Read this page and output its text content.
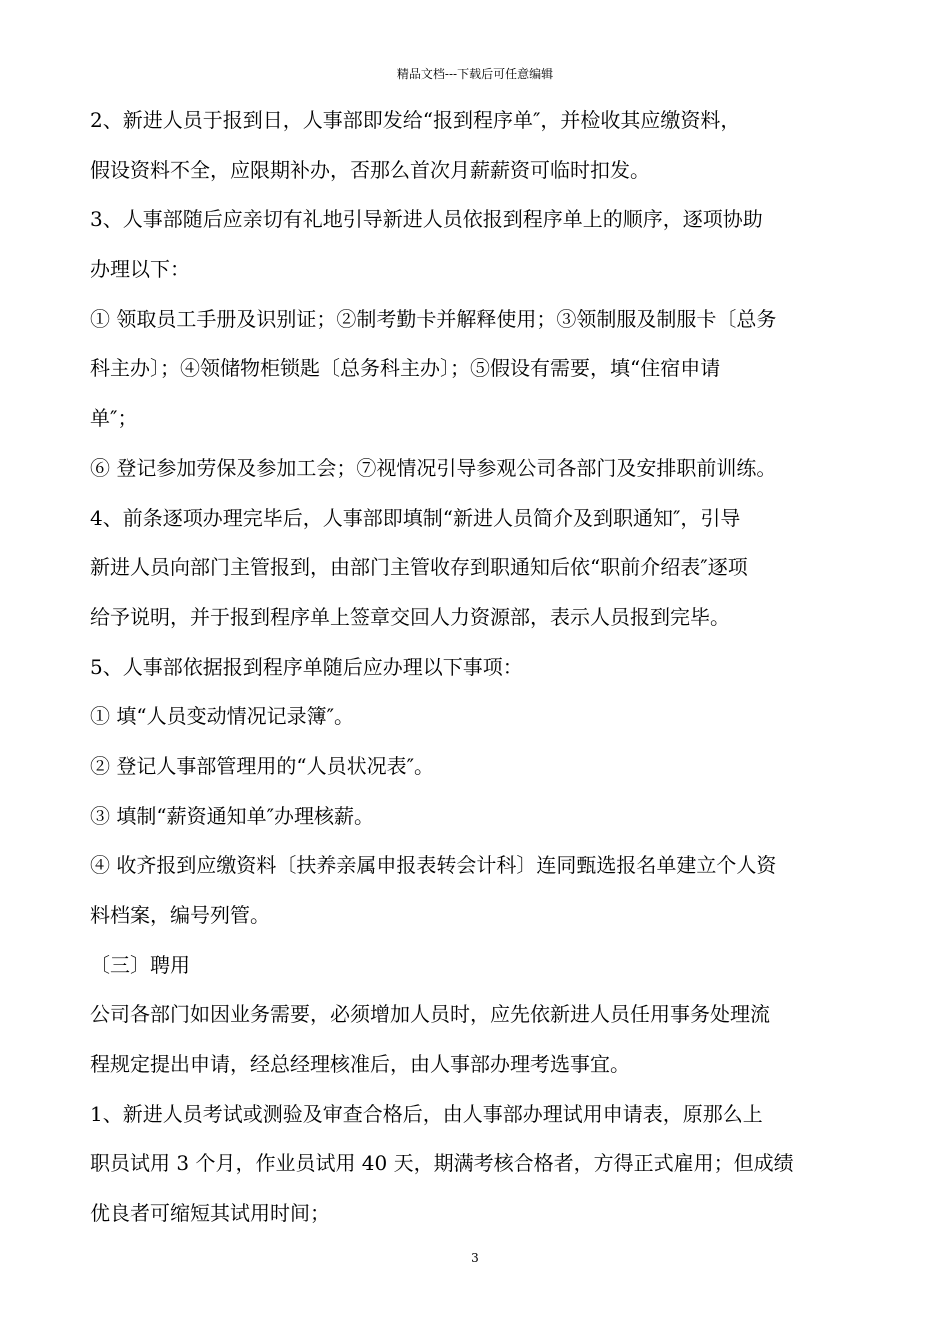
精品文档---下载后可任意编辑
2、新进人员于报到日，人事部即发给“报到程序单″，并检收其应缴资料，
假设资料不全，应限期补办，否那么首次月薪薪资可临时扣发。
3、人事部随后应亲切有礼地引导新进人员依报到程序单上的顺序，逐项协助
办理以下：
① 领取员工手册及识别证；②制考勤卡并解释使用；③领制服及制服卡〔总务
科主办〕；④领储物柜锁匙〔总务科主办〕；⑤假设有需要，填“住宿申请
单″；
⑥ 登记参加劳保及参加工会；⑦视情况引导参观公司各部门及安排职前训练。
4、前条逐项办理完毕后，人事部即填制“新进人员简介及到职通知″，引导
新进人员向部门主管报到，由部门主管收存到职通知后依“职前介绍表″逐项
给予说明，并于报到程序单上签章交回人力资源部，表示人员报到完毕。
5、人事部依据报到程序单随后应办理以下事项：
① 填“人员变动情况记录簿″。
② 登记人事部管理用的“人员状况表″。
③ 填制“薪资通知单″办理核薪。
④ 收齐报到应缴资料〔扶养亲属申报表转会计科〕连同甄选报名单建立个人资
料档案，编号列管。
〔三〕聘用
公司各部门如因业务需要，必须增加人员时，应先依新进人员任用事务处理流
程规定提出申请，经总经理核准后，由人事部办理考选事宜。
1、新进人员考试或测验及审查合格后，由人事部办理试用申请表，原那么上
职员试用 3 个月，作业员试用 40 天，期满考核合格者，方得正式雇用；但成绩
优良者可缩短其试用时间；
3
